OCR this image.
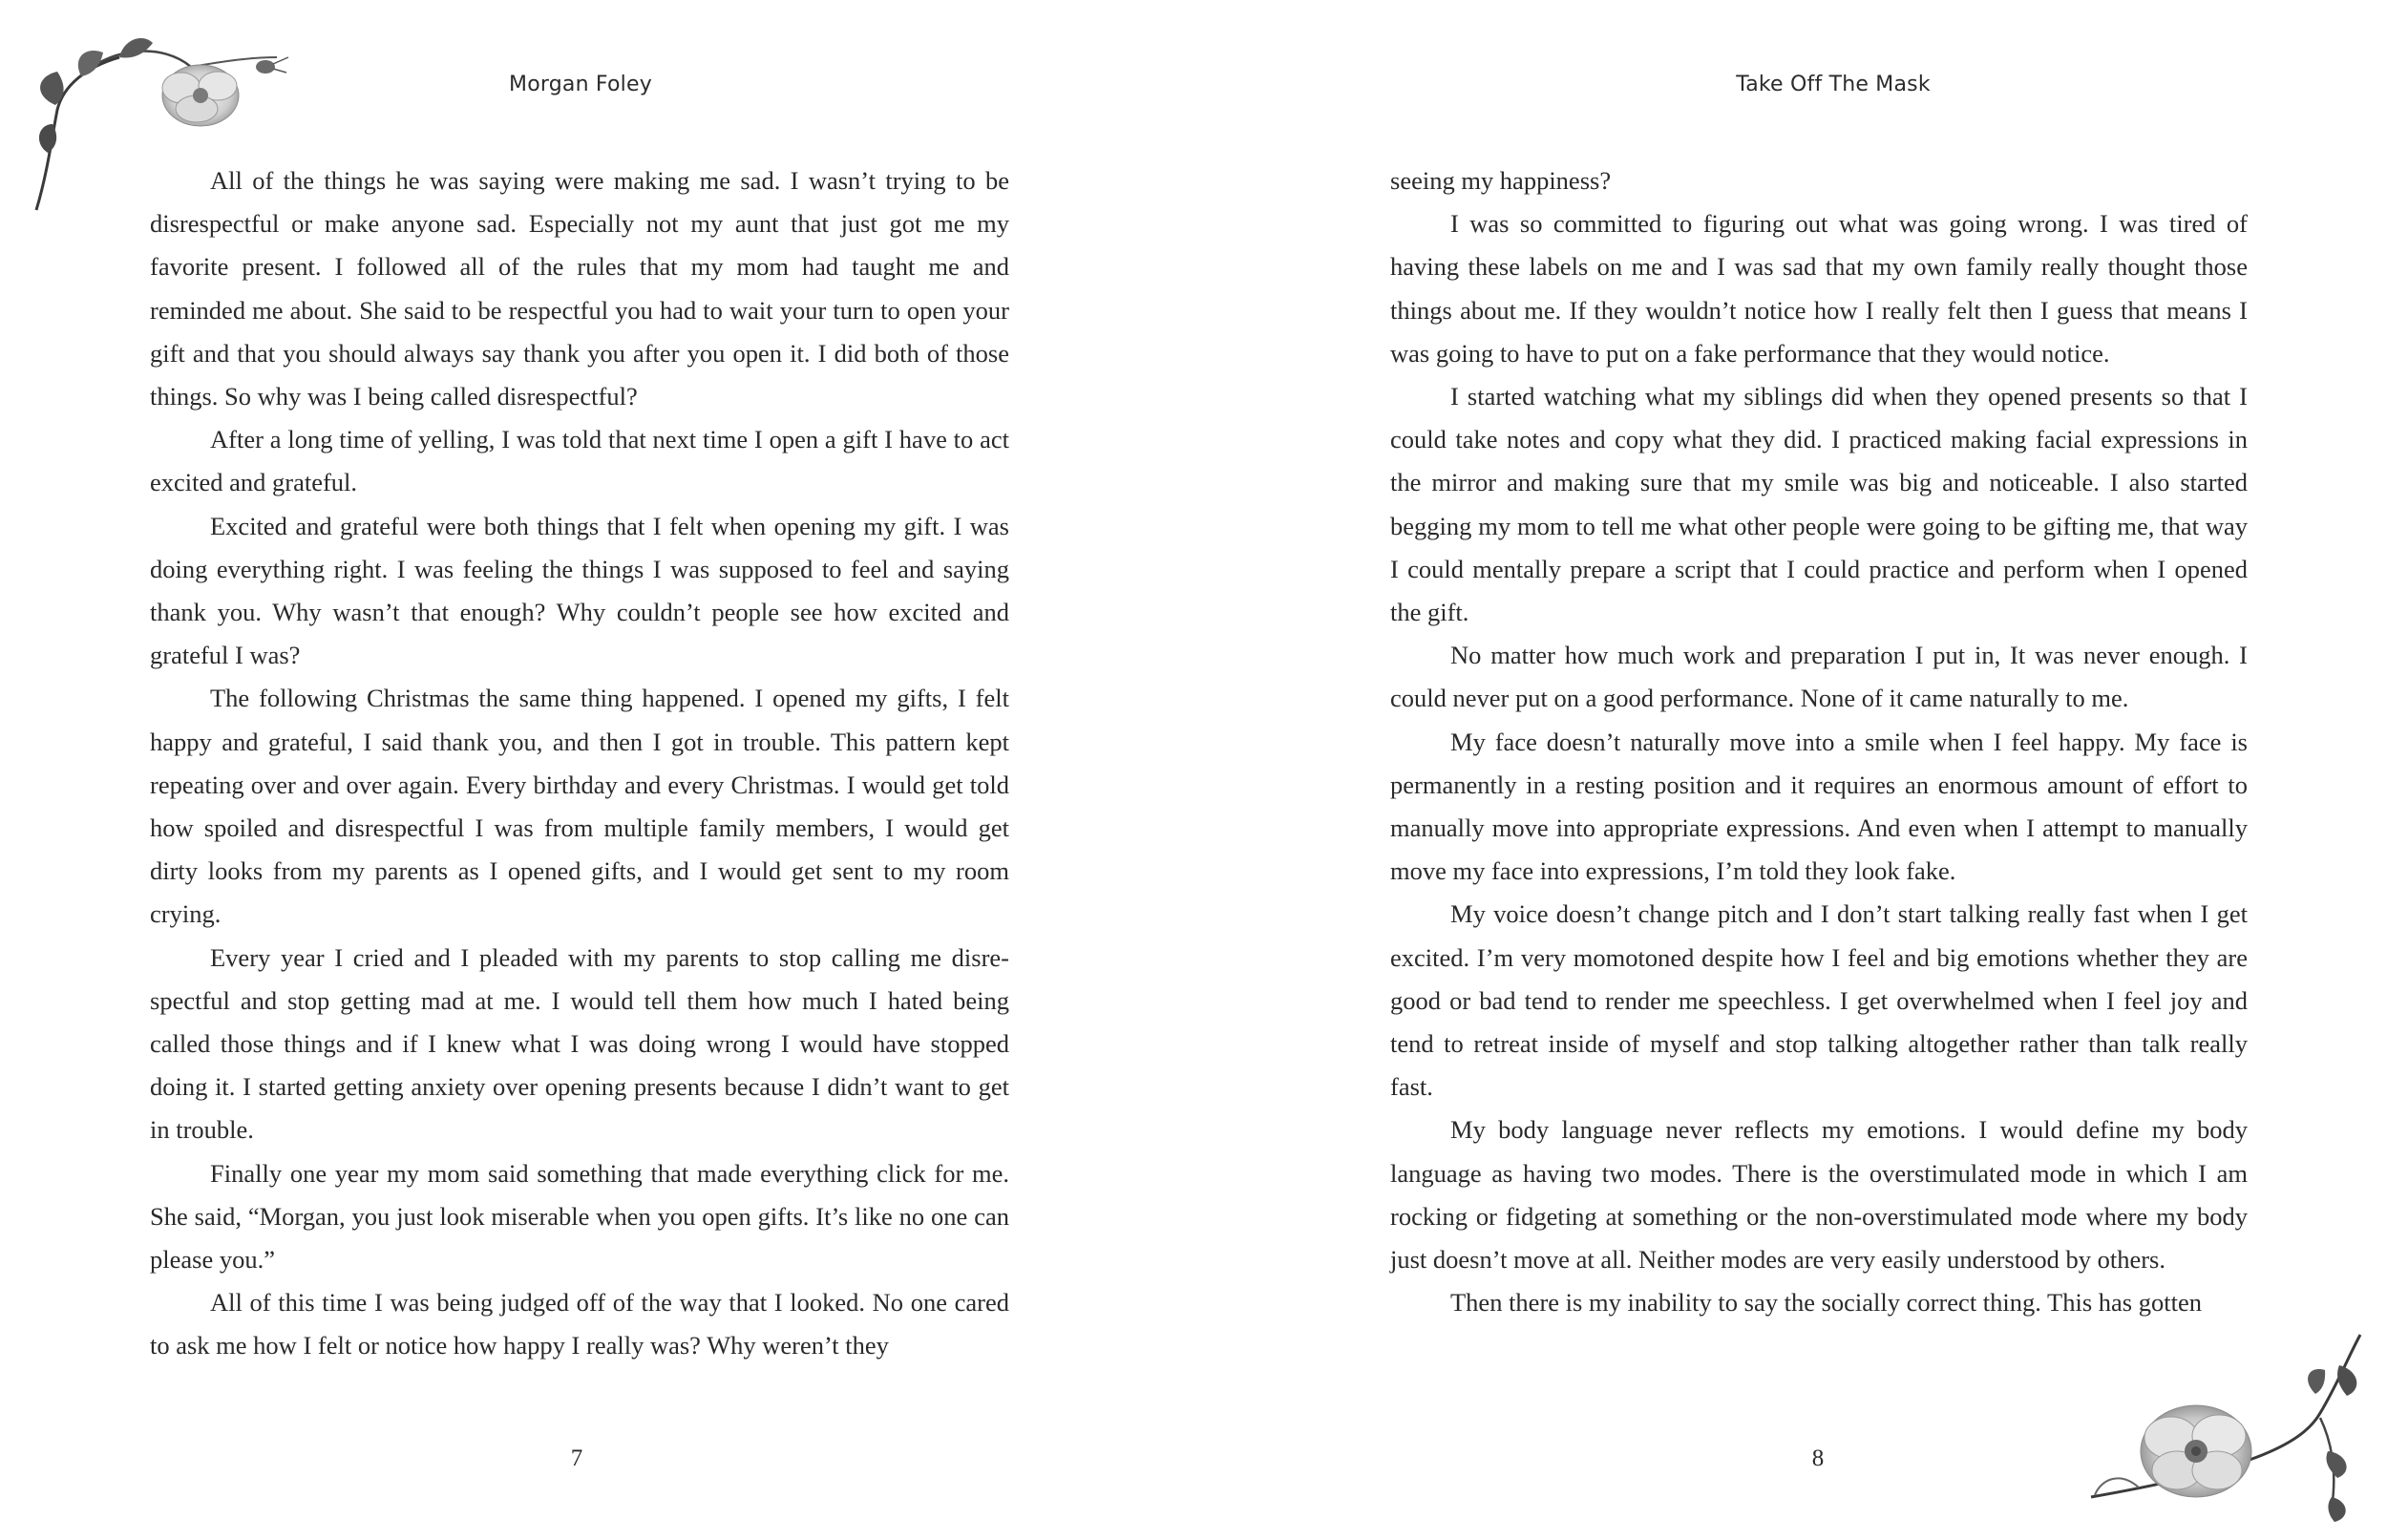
Morgan Foley

All of the things he was saying were making me sad. I wasn’t trying to be disrespectful or make anyone sad. Especially not my aunt that just got me my favorite present. I followed all of the rules that my mom had taught me and reminded me about. She said to be respectful you had to wait your turn to open your gift and that you should always say thank you after you open it. I did both of those things. So why was I being called disrespectful?

After a long time of yelling, I was told that next time I open a gift I have to act excited and grateful.

Excited and grateful were both things that I felt when opening my gift. I was doing everything right. I was feeling the things I was supposed to feel and saying thank you. Why wasn’t that enough? Why couldn’t people see how excited and grateful I was?

The following Christmas the same thing happened. I opened my gifts, I felt happy and grateful, I said thank you, and then I got in trouble. This pattern kept repeating over and over again. Every birthday and every Christmas. I would get told how spoiled and disrespectful I was from multiple family members, I would get dirty looks from my parents as I opened gifts, and I would get sent to my room crying.

Every year I cried and I pleaded with my parents to stop calling me disrespectful and stop getting mad at me. I would tell them how much I hated being called those things and if I knew what I was doing wrong I would have stopped doing it. I started getting anxiety over opening presents because I didn’t want to get in trouble.

Finally one year my mom said something that made everything click for me. She said, “Morgan, you just look miserable when you open gifts. It’s like no one can please you.”

All of this time I was being judged off of the way that I looked. No one cared to ask me how I felt or notice how happy I really was? Why weren’t they

7
Take Off The Mask

seeing my happiness?

I was so committed to figuring out what was going wrong. I was tired of having these labels on me and I was sad that my own family really thought those things about me. If they wouldn’t notice how I really felt then I guess that means I was going to have to put on a fake performance that they would notice.

I started watching what my siblings did when they opened presents so that I could take notes and copy what they did. I practiced making facial expressions in the mirror and making sure that my smile was big and noticeable. I also started begging my mom to tell me what other people were going to be gifting me, that way I could mentally prepare a script that I could practice and perform when I opened the gift.

No matter how much work and preparation I put in, It was never enough. I could never put on a good performance. None of it came naturally to me.

My face doesn’t naturally move into a smile when I feel happy. My face is permanently in a resting position and it requires an enormous amount of effort to manually move into appropriate expressions. And even when I attempt to manually move my face into expressions, I’m told they look fake.

My voice doesn’t change pitch and I don’t start talking really fast when I get excited. I’m very momotoned despite how I feel and big emotions whether they are good or bad tend to render me speechless. I get overwhelmed when I feel joy and tend to retreat inside of myself and stop talking altogether rather than talk really fast.

My body language never reflects my emotions. I would define my body language as having two modes. There is the overstimulated mode in which I am rocking or fidgeting at something or the non-overstimulated mode where my body just doesn’t move at all. Neither modes are very easily understood by others.

Then there is my inability to say the socially correct thing. This has gotten

8
